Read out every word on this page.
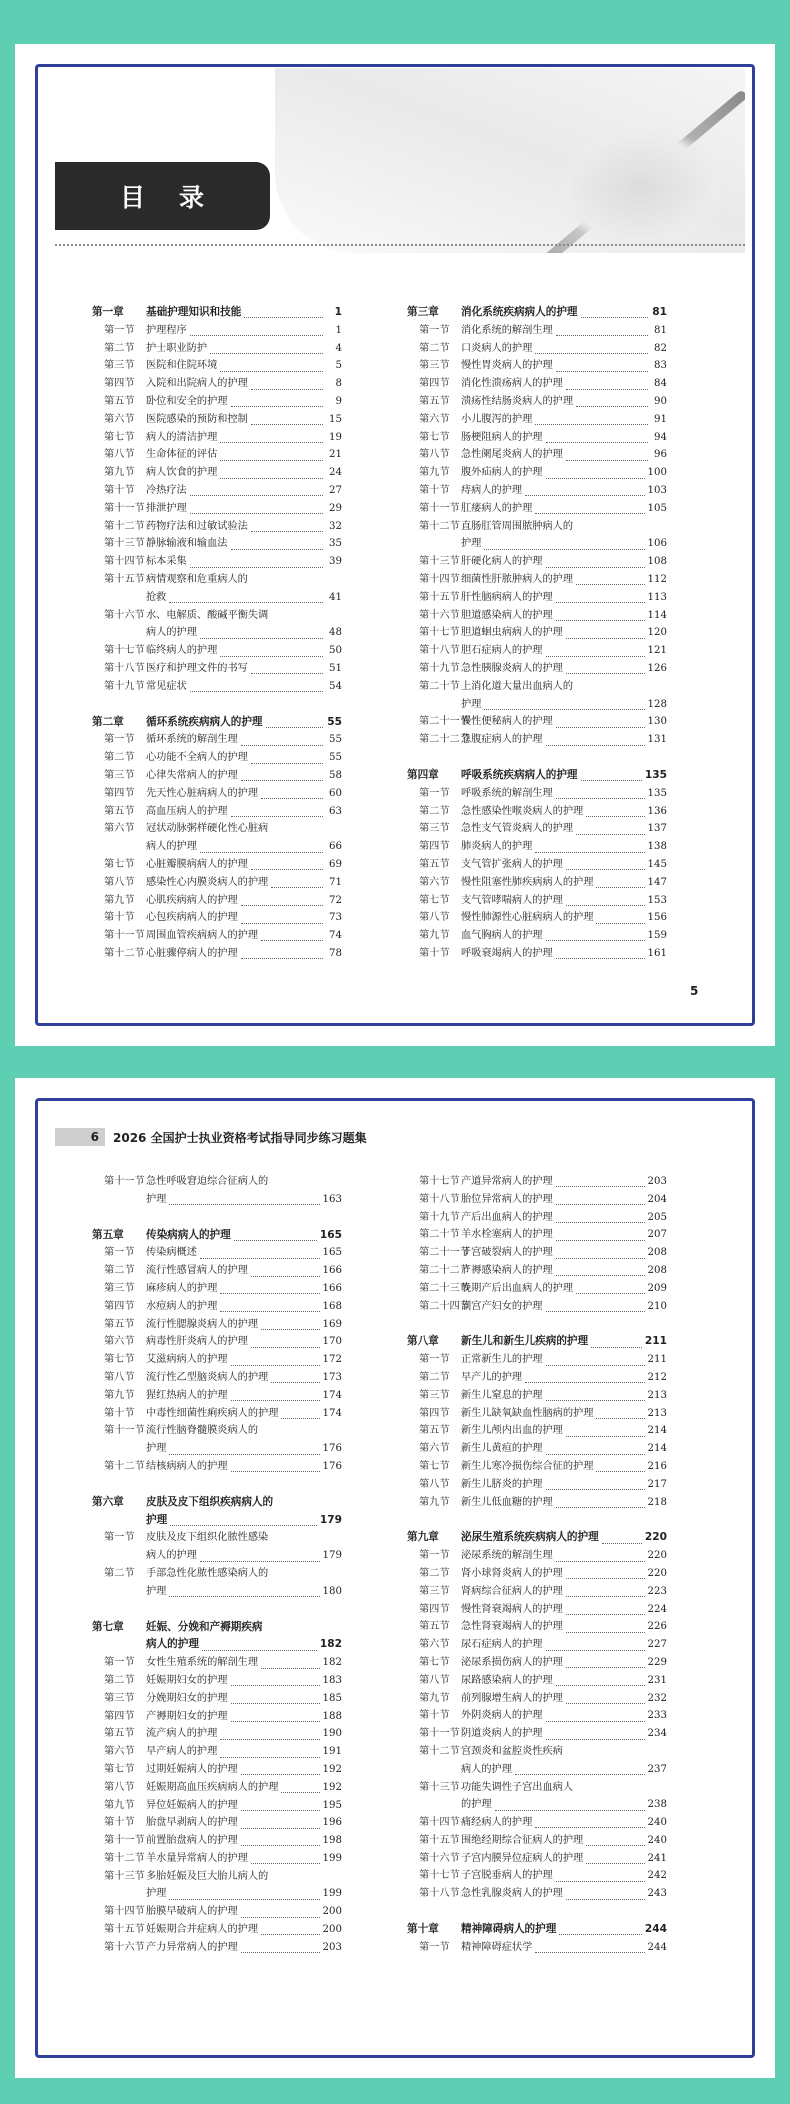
目录
第一章	基础护理知识和技能	1
第一节	护理程序	1
第二节	护士职业防护	4
第三节	医院和住院环境	5
第四节	入院和出院病人的护理	8
第五节	卧位和安全的护理	9
第六节	医院感染的预防和控制	15
第七节	病人的清洁护理	19
第八节	生命体征的评估	21
第九节	病人饮食的护理	24
第十节	冷热疗法	27
第十一节 排泄护理	29
第十二节 药物疗法和过敏试验法	32
第十三节 静脉输液和输血法	35
第十四节 标本采集	39
第十五节 病情观察和危重病人的
抢救	41
第十六节 水、电解质、酸碱平衡失调
病人的护理	48
第十七节 临终病人的护理	50
第十八节 医疗和护理文件的书写	51
第十九节 常见症状	54
第二章	循环系统疾病病人的护理	55
第一节	循环系统的解剖生理	55
第二节	心功能不全病人的护理	55
第三节	心律失常病人的护理	58
第四节	先天性心脏病病人的护理	60
第五节	高血压病人的护理	63
第六节	冠状动脉粥样硬化性心脏病
病人的护理	66
第七节	心脏瓣膜病病人的护理	69
第八节	感染性心内膜炎病人的护理	71
第九节	心肌疾病病人的护理	72
第十节	心包疾病病人的护理	73
第十一节 周围血管疾病病人的护理	74
第十二节 心脏骤停病人的护理	78
第三章	消化系统疾病病人的护理	81
第一节	消化系统的解剖生理	81
第二节	口炎病人的护理	82
第三节	慢性胃炎病人的护理	83
第四节	消化性溃疡病人的护理	84
第五节	溃疡性结肠炎病人的护理	90
第六节	小儿腹泻的护理	91
第七节	肠梗阻病人的护理	94
第八节	急性阑尾炎病人的护理	96
第九节	腹外疝病人的护理	100
第十节	痔病人的护理	103
第十一节 肛瘘病人的护理	105
第十二节 直肠肛管周围脓肿病人的
护理	106
第十三节 肝硬化病人的护理	108
第十四节 细菌性肝脓肿病人的护理	112
第十五节 肝性脑病病人的护理	113
第十六节 胆道感染病人的护理	114
第十七节 胆道蛔虫病病人的护理	120
第十八节 胆石症病人的护理	121
第十九节 急性胰腺炎病人的护理	126
第二十节 上消化道大量出血病人的
护理	128
第二十一节
慢性便秘病人的护理	130
第二十二节
急腹症病人的护理	131
第四章	呼吸系统疾病病人的护理	135
第一节	呼吸系统的解剖生理	135
第二节	急性感染性喉炎病人的护理	136
第三节	急性支气管炎病人的护理	137
第四节	肺炎病人的护理	138
第五节	支气管扩张病人的护理	145
第六节	慢性阻塞性肺疾病病人的护理	147
第七节	支气管哮喘病人的护理	153
第八节	慢性肺源性心脏病病人的护理	156
第九节	血气胸病人的护理	159
第十节	呼吸衰竭病人的护理	161
5
6	2026 全国护士执业资格考试指导同步练习题集
第十一节 急性呼吸窘迫综合征病人的
护理	163
第五章	传染病病人的护理	165
第一节	传染病概述	165
第二节	流行性感冒病人的护理	166
第三节	麻疹病人的护理	166
第四节	水痘病人的护理	168
第五节	流行性腮腺炎病人的护理	169
第六节	病毒性肝炎病人的护理	170
第七节	艾滋病病人的护理	172
第八节	流行性乙型脑炎病人的护理	173
第九节	猩红热病人的护理	174
第十节	中毒性细菌性痢疾病人的护理	174
第十一节 流行性脑脊髓膜炎病人的
护理	176
第十二节 结核病病人的护理	176
第六章	皮肤及皮下组织疾病病人的
护理	179
第一节	皮肤及皮下组织化脓性感染
病人的护理	179
第二节	手部急性化脓性感染病人的
护理	180
第七章	妊娠、分娩和产褥期疾病
病人的护理	182
第一节	女性生殖系统的解剖生理	182
第二节	妊娠期妇女的护理	183
第三节	分娩期妇女的护理	185
第四节	产褥期妇女的护理	188
第五节	流产病人的护理	190
第六节	早产病人的护理	191
第七节	过期妊娠病人的护理	192
第八节	妊娠期高血压疾病病人的护理	192
第九节	异位妊娠病人的护理	195
第十节	胎盘早剥病人的护理	196
第十一节 前置胎盘病人的护理	198
第十二节 羊水量异常病人的护理	199
第十三节 多胎妊娠及巨大胎儿病人的
护理	199
第十四节 胎膜早破病人的护理	200
第十五节 妊娠期合并症病人的护理	200
第十六节 产力异常病人的护理	203
第十七节 产道异常病人的护理	203
第十八节 胎位异常病人的护理	204
第十九节 产后出血病人的护理	205
第二十节 羊水栓塞病人的护理	207
第二十一节
子宫破裂病人的护理	208
第二十二节
产褥感染病人的护理	208
第二十三节
晚期产后出血病人的护理	209
第二十四节
剖宫产妇女的护理	210
第八章	新生儿和新生儿疾病的护理	211
第一节	正常新生儿的护理	211
第二节	早产儿的护理	212
第三节	新生儿窒息的护理	213
第四节	新生儿缺氧缺血性脑病的护理	213
第五节	新生儿颅内出血的护理	214
第六节	新生儿黄疸的护理	214
第七节	新生儿寒冷损伤综合征的护理	216
第八节	新生儿脐炎的护理	217
第九节	新生儿低血糖的护理	218
第九章	泌尿生殖系统疾病病人的护理	220
第一节	泌尿系统的解剖生理	220
第二节	肾小球肾炎病人的护理	220
第三节	肾病综合征病人的护理	223
第四节	慢性肾衰竭病人的护理	224
第五节	急性肾衰竭病人的护理	226
第六节	尿石症病人的护理	227
第七节	泌尿系损伤病人的护理	229
第八节	尿路感染病人的护理	231
第九节	前列腺增生病人的护理	232
第十节	外阴炎病人的护理	233
第十一节 阴道炎病人的护理	234
第十二节 宫颈炎和盆腔炎性疾病
病人的护理	237
第十三节 功能失调性子宫出血病人
的护理	238
第十四节 痛经病人的护理	240
第十五节 围绝经期综合征病人的护理	240
第十六节 子宫内膜异位症病人的护理	241
第十七节 子宫脱垂病人的护理	242
第十八节 急性乳腺炎病人的护理	243
第十章	精神障碍病人的护理	244
第一节	精神障碍症状学	244
